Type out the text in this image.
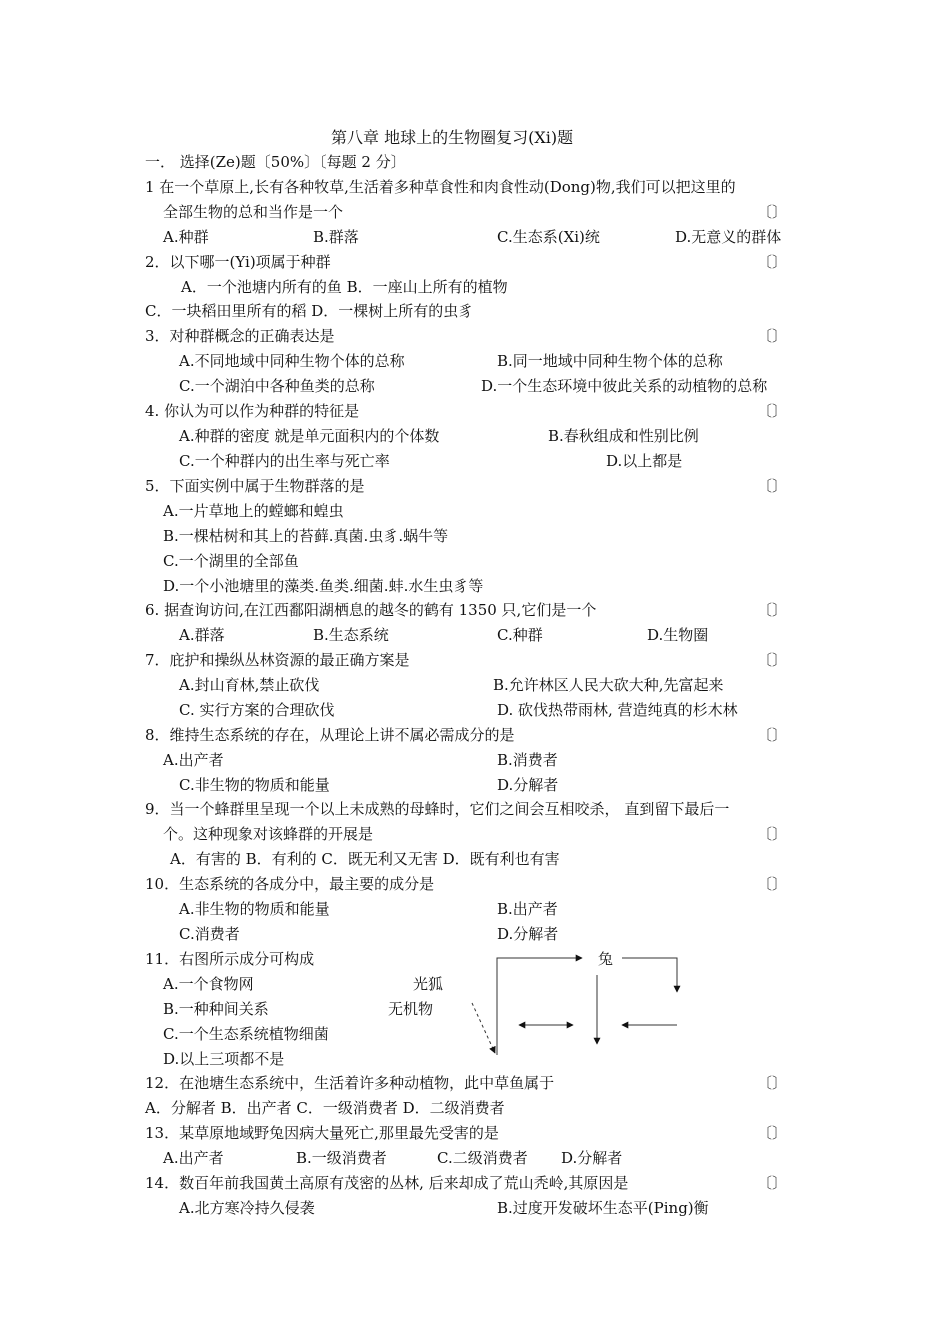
第八章 地球上的生物圈复习(Xi)题
一． 选择(Ze)题〔50%〕〔每题 2 分〕
1 在一个草原上,长有各种牧草,生活着多种草食性和肉食性动(Dong)物,我们可以把这里的
全部生物的总和当作是一个	〔〕
A.种群	B.群落	C.生态系(Xi)统	D.无意义的群体
2．以下哪一(Yi)项属于种群	〔〕
A．一个池塘内所有的鱼 B．一座山上所有的植物
C．一块稻田里所有的稻 D．一棵树上所有的虫豸
3．对种群概念的正确表达是	〔〕
A.不同地域中同种生物个体的总称	B.同一地域中同种生物个体的总称
C.一个湖泊中各种鱼类的总称	D.一个生态环境中彼此关系的动植物的总称
4. 你认为可以作为种群的特征是	〔〕
A.种群的密度 就是单元面积内的个体数	B.春秋组成和性别比例
C.一个种群内的出生率与死亡率	D.以上都是
5．下面实例中属于生物群落的是	〔〕
A.一片草地上的螳螂和蝗虫
B.一棵枯树和其上的苔藓.真菌.虫豸.蜗牛等
C.一个湖里的全部鱼
D.一个小池塘里的藻类.鱼类.细菌.蚌.水生虫豸等
6. 据查询访问,在江西鄱阳湖栖息的越冬的鹤有 1350 只,它们是一个	〔〕
A.群落	B.生态系统	C.种群	D.生物圈
7．庇护和操纵丛林资源的最正确方案是	〔〕
A.封山育林,禁止砍伐	B.允许林区人民大砍大种,先富起来
C. 实行方案的合理砍伐	D. 砍伐热带雨林, 营造纯真的杉木林
8．维持生态系统的存在，从理论上讲不属必需成分的是	〔〕
A.出产者	B.消费者
C.非生物的物质和能量	D.分解者
9．当一个蜂群里呈现一个以上未成熟的母蜂时，它们之间会互相咬杀， 直到留下最后一
个。这种现象对该蜂群的开展是	〔〕
A．有害的 B．有利的 C．既无利又无害 D．既有利也有害
10．生态系统的各成分中，最主要的成分是	〔〕
A.非生物的物质和能量	B.出产者
C.消费者	D.分解者
11．右图所示成分可构成
A.一个食物网
B.一种种间关系
C.一个生态系统植物细菌
D.以上三项都不是
兔
光狐
无机物
12．在池塘生态系统中，生活着许多种动植物，此中草鱼属于	〔〕
A．分解者 B．出产者 C．一级消费者 D．二级消费者
13．某草原地域野兔因病大量死亡,那里最先受害的是	〔〕
A.出产者	B.一级消费者	C.二级消费者 D.分解者
14．数百年前我国黄土高原有茂密的丛林, 后来却成了荒山秃岭,其原因是	〔〕
A.北方寒冷持久侵袭	B.过度开发破坏生态平(Ping)衡
